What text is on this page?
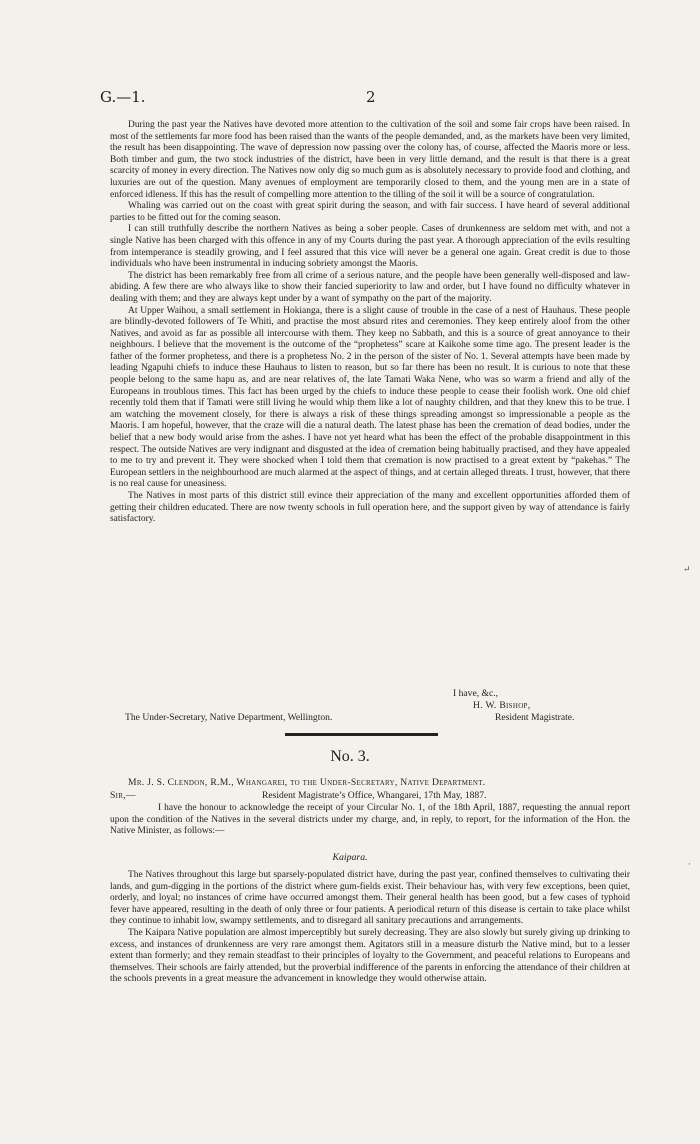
G.—1.	2

During the past year the Natives have devoted more attention to the cultivation of the soil and some fair crops have been raised. In most of the settlements far more food has been raised than the wants of the people demanded, and, as the markets have been very limited, the result has been disappointing. The wave of depression now passing over the colony has, of course, affected the Maoris more or less. Both timber and gum, the two stock industries of the district, have been in very little demand, and the result is that there is a great scarcity of money in every direction. The Natives now only dig so much gum as is absolutely necessary to provide food and clothing, and luxuries are out of the question. Many avenues of employment are temporarily closed to them, and the young men are in a state of enforced idleness. If this has the result of compelling more attention to the tilling of the soil it will be a source of congratulation.

Whaling was carried out on the coast with great spirit during the season, and with fair success. I have heard of several additional parties to be fitted out for the coming season.

I can still truthfully describe the northern Natives as being a sober people. Cases of drunkenness are seldom met with, and not a single Native has been charged with this offence in any of my Courts during the past year. A thorough appreciation of the evils resulting from intemperance is steadily growing, and I feel assured that this vice will never be a general one again. Great credit is due to those individuals who have been instrumental in inducing sobriety amongst the Maoris.

The district has been remarkably free from all crime of a serious nature, and the people have been generally well-disposed and law-abiding. A few there are who always like to show their fancied superiority to law and order, but I have found no difficulty whatever in dealing with them; and they are always kept under by a want of sympathy on the part of the majority.

At Upper Waihou, a small settlement in Hokianga, there is a slight cause of trouble in the case of a nest of Hauhaus. These people are blindly-devoted followers of Te Whiti, and practise the most absurd rites and ceremonies. They keep entirely aloof from the other Natives, and avoid as far as possible all intercourse with them. They keep no Sabbath, and this is a source of great annoyance to their neighbours. I believe that the movement is the outcome of the “prophetess” scare at Kaikohe some time ago. The present leader is the father of the former prophetess, and there is a prophetess No. 2 in the person of the sister of No. 1. Several attempts have been made by leading Ngapuhi chiefs to induce these Hauhaus to listen to reason, but so far there has been no result. It is curious to note that these people belong to the same hapu as, and are near relatives of, the late Tamati Waka Nene, who was so warm a friend and ally of the Europeans in troublous times. This fact has been urged by the chiefs to induce these people to cease their foolish work. One old chief recently told them that if Tamati were still living he would whip them like a lot of naughty children, and that they knew this to be true. I am watching the movement closely, for there is always a risk of these things spreading amongst so impressionable a people as the Maoris. I am hopeful, however, that the craze will die a natural death. The latest phase has been the cremation of dead bodies, under the belief that a new body would arise from the ashes. I have not yet heard what has been the effect of the probable disappointment in this respect. The outside Natives are very indignant and disgusted at the idea of cremation being habitually practised, and they have appealed to me to try and prevent it. They were shocked when I told them that cremation is now practised to a great extent by “pakehas.” The European settlers in the neighbourhood are much alarmed at the aspect of things, and at certain alleged threats. I trust, however, that there is no real cause for uneasiness.

The Natives in most parts of this district still evince their appreciation of the many and excellent opportunities afforded them of getting their children educated. There are now twenty schools in full operation here, and the support given by way of attendance is fairly satisfactory.

↵
I have, &c.,
H. W. Bishop,
The Under-Secretary, Native Department, Wellington.	Resident Magistrate.
No. 3.
Mr. J. S. Clendon, R.M., Whangarei, to the Under-Secretary, Native Department.
Sir,—	Resident Magistrate’s Office, Whangarei, 17th May, 1887.

I have the honour to acknowledge the receipt of your Circular No. 1, of the 18th April, 1887, requesting the annual report upon the condition of the Natives in the several districts under my charge, and, in reply, to report, for the information of the Hon. the Native Minister, as follows:—

Kaipara.

The Natives throughout this large but sparsely-populated district have, during the past year, confined themselves to cultivating their lands, and gum-digging in the portions of the district where gum-fields exist. Their behaviour has, with very few exceptions, been quiet, orderly, and loyal; no instances of crime have occurred amongst them. Their general health has been good, but a few cases of typhoid fever have appeared, resulting in the death of only three or four patients. A periodical return of this disease is certain to take place whilst they continue to inhabit low, swampy settlements, and to disregard all sanitary precautions and arrangements.

The Kaipara Native population are almost imperceptibly but surely decreasing. They are also slowly but surely giving up drinking to excess, and instances of drunkenness are very rare amongst them. Agitators still in a measure disturb the Native mind, but to a lesser extent than formerly; and they remain steadfast to their principles of loyalty to the Government, and peaceful relations to Europeans and themselves. Their schools are fairly attended, but the proverbial indifference of the parents in enforcing the attendance of their children at the schools prevents in a great measure the advancement in knowledge they would otherwise attain.

·
